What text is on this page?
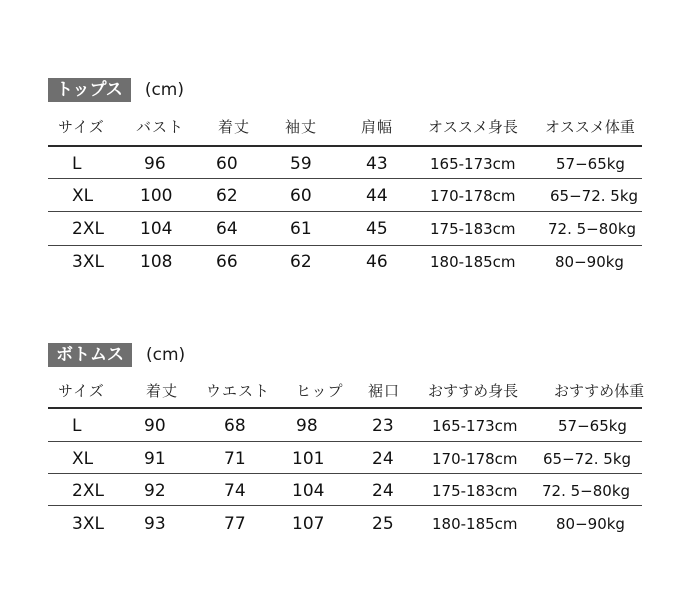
トップス	(cm)
サイズ バスト 着丈 袖丈	肩幅 オススメ身長 オススメ体重
L	96	60	59	43	165-173cm	57−65kg
XL	100	62	60	44	170-178cm 65−72. 5kg
2XL 104	64	61	45	175-183cm 72. 5−80kg
3XL 108	66	62	46	180-185cm	80−90kg
ボトムス	(cm)
サイズ	着丈 ウエスト ヒップ 裾口 おすすめ身長 おすすめ体重
L	90	68	98	23	165-173cm	57−65kg
XL	91	71	101	24	170-178cm 65−72. 5kg
2XL 92	74	104	24	175-183cm 72. 5−80kg
3XL 93	77	107	25	180-185cm	80−90kg
